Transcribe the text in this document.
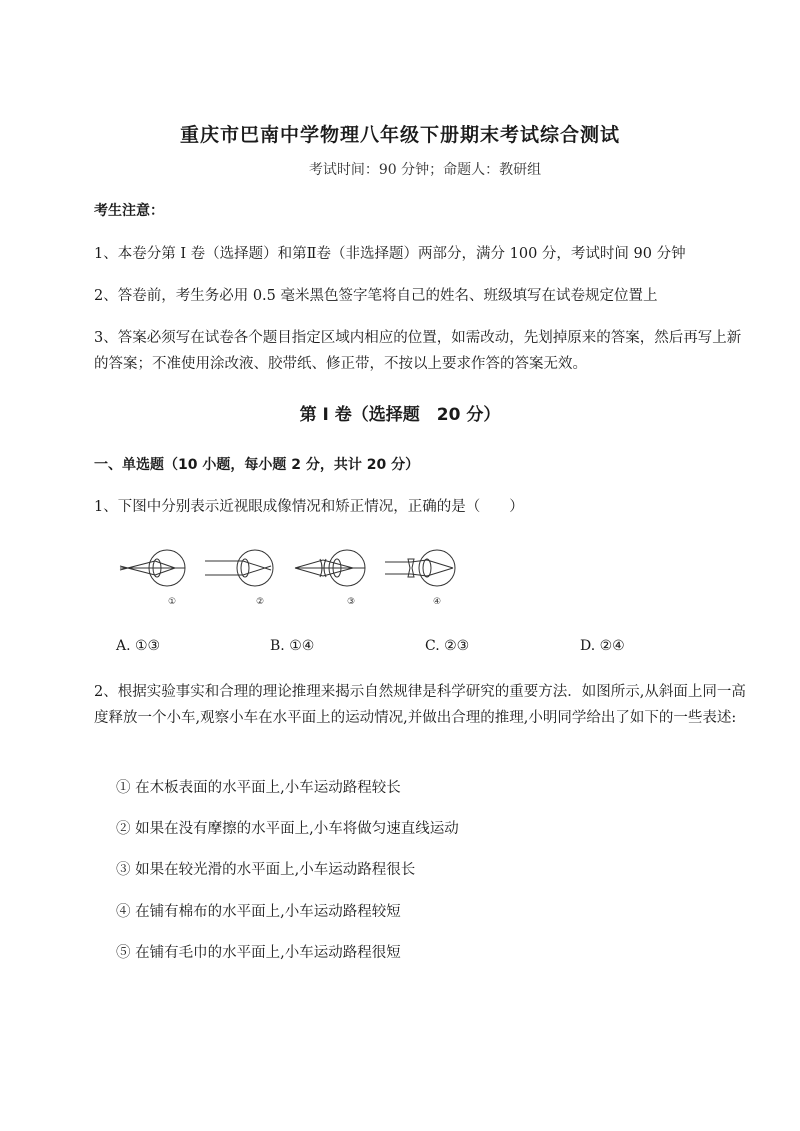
重庆市巴南中学物理八年级下册期末考试综合测试
考试时间：90 分钟；命题人：教研组
考生注意：
1、本卷分第 I 卷（选择题）和第Ⅱ卷（非选择题）两部分，满分 100 分，考试时间 90 分钟
2、答卷前，考生务必用 0.5 毫米黑色签字笔将自己的姓名、班级填写在试卷规定位置上
3、答案必须写在试卷各个题目指定区域内相应的位置，如需改动，先划掉原来的答案，然后再写上新的答案；不准使用涂改液、胶带纸、修正带，不按以上要求作答的答案无效。
第 I 卷（选择题　20 分）
一、单选题（10 小题，每小题 2 分，共计 20 分）
1、下图中分别表示近视眼成像情况和矫正情况，正确的是（　　）
①	②	③	④
A. ①③	B. ①④	C. ②③	D. ②④
2、根据实验事实和合理的理论推理来揭示自然规律是科学研究的重要方法．如图所示,从斜面上同一高度释放一个小车,观察小车在水平面上的运动情况,并做出合理的推理,小明同学给出了如下的一些表述:
① 在木板表面的水平面上,小车运动路程较长
② 如果在没有摩擦的水平面上,小车将做匀速直线运动
③ 如果在较光滑的水平面上,小车运动路程很长
④ 在铺有棉布的水平面上,小车运动路程较短
⑤ 在铺有毛巾的水平面上,小车运动路程很短
